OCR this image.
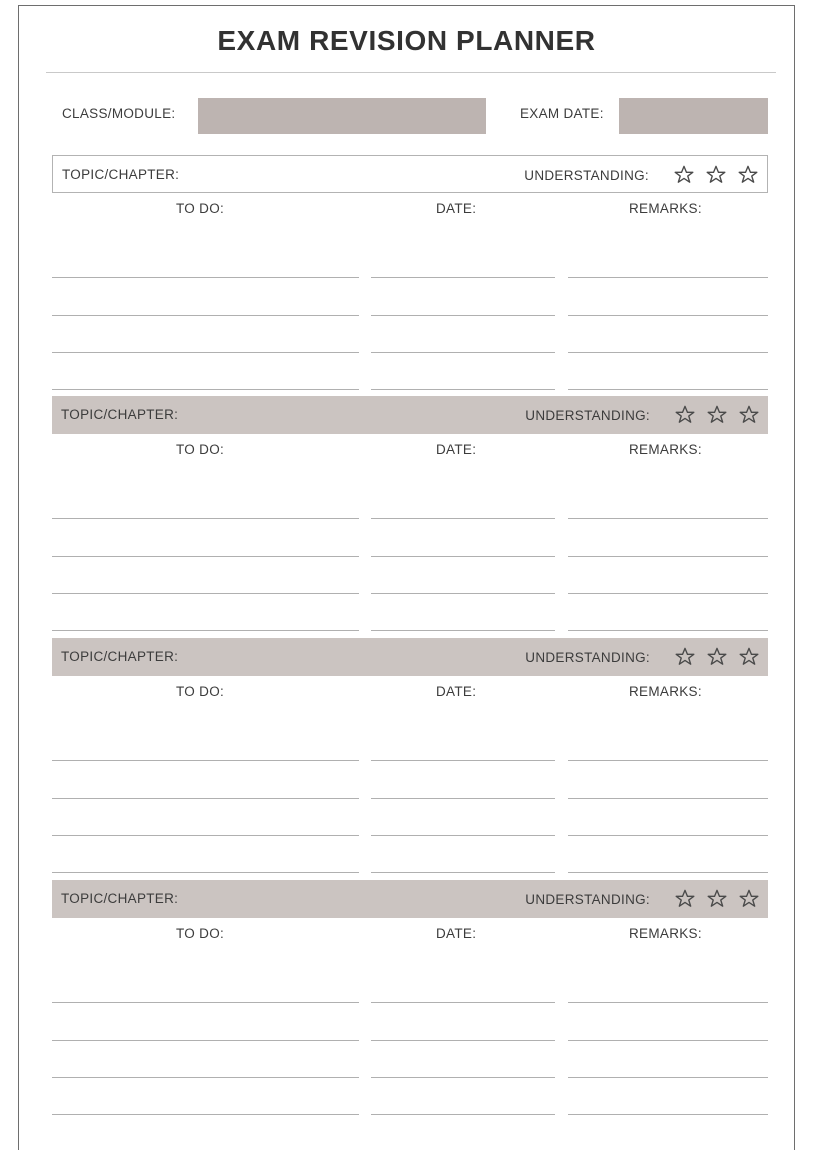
EXAM REVISION PLANNER
CLASS/MODULE:	EXAM DATE:
TOPIC/CHAPTER:	UNDERSTANDING:
TO DO:	DATE:	REMARKS:
TOPIC/CHAPTER:	UNDERSTANDING:
TO DO:	DATE:	REMARKS:
TOPIC/CHAPTER:	UNDERSTANDING:
TO DO:	DATE:	REMARKS:
TOPIC/CHAPTER:	UNDERSTANDING:
TO DO:	DATE:	REMARKS:
